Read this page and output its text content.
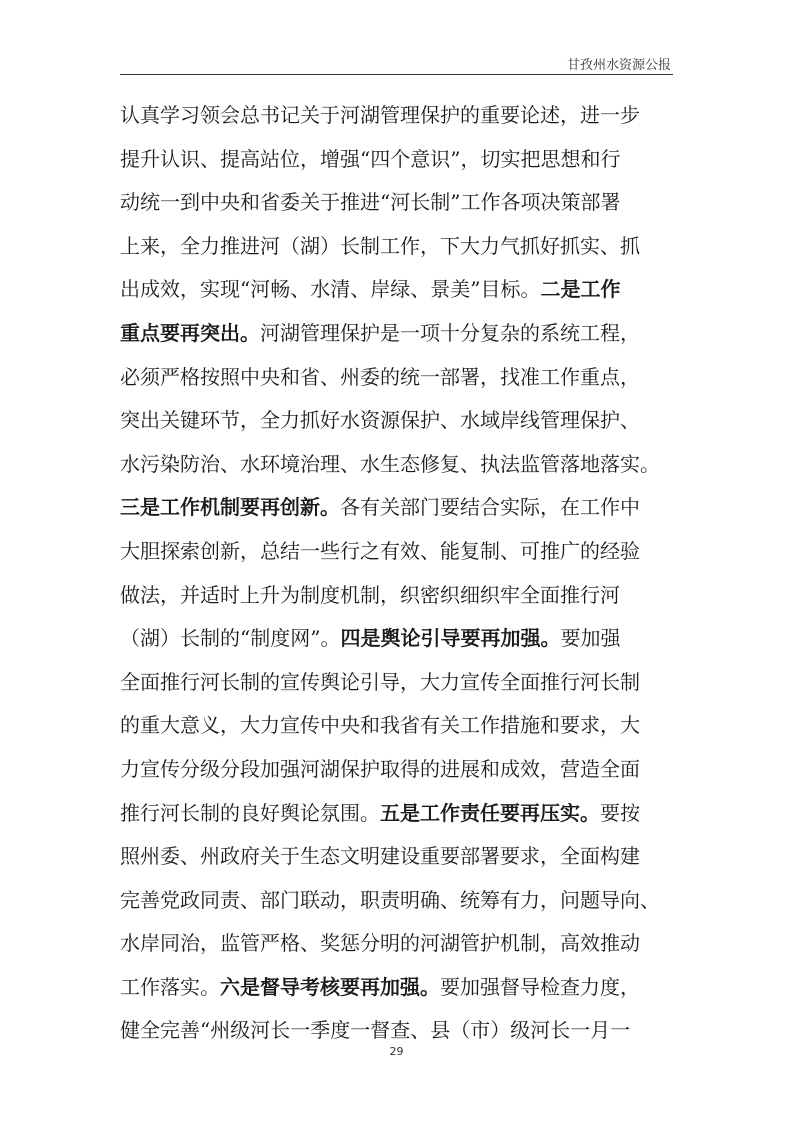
甘孜州水资源公报
认真学习领会总书记关于河湖管理保护的重要论述，进一步
提升认识、提高站位，增强“四个意识”，切实把思想和行
动统一到中央和省委关于推进“河长制”工作各项决策部署
上来，全力推进河（湖）长制工作，下大力气抓好抓实、抓
出成效，实现“河畅、水清、岸绿、景美”目标。二是工作
重点要再突出。河湖管理保护是一项十分复杂的系统工程，
必须严格按照中央和省、州委的统一部署，找准工作重点，
突出关键环节，全力抓好水资源保护、水域岸线管理保护、
水污染防治、水环境治理、水生态修复、执法监管落地落实。
三是工作机制要再创新。各有关部门要结合实际，在工作中
大胆探索创新，总结一些行之有效、能复制、可推广的经验
做法，并适时上升为制度机制，织密织细织牢全面推行河
（湖）长制的“制度网”。四是舆论引导要再加强。要加强
全面推行河长制的宣传舆论引导，大力宣传全面推行河长制
的重大意义，大力宣传中央和我省有关工作措施和要求，大
力宣传分级分段加强河湖保护取得的进展和成效，营造全面
推行河长制的良好舆论氛围。五是工作责任要再压实。要按
照州委、州政府关于生态文明建设重要部署要求，全面构建
完善党政同责、部门联动，职责明确、统筹有力，问题导向、
水岸同治，监管严格、奖惩分明的河湖管护机制，高效推动
工作落实。六是督导考核要再加强。要加强督导检查力度，
健全完善“州级河长一季度一督查、县（市）级河长一月一
29
